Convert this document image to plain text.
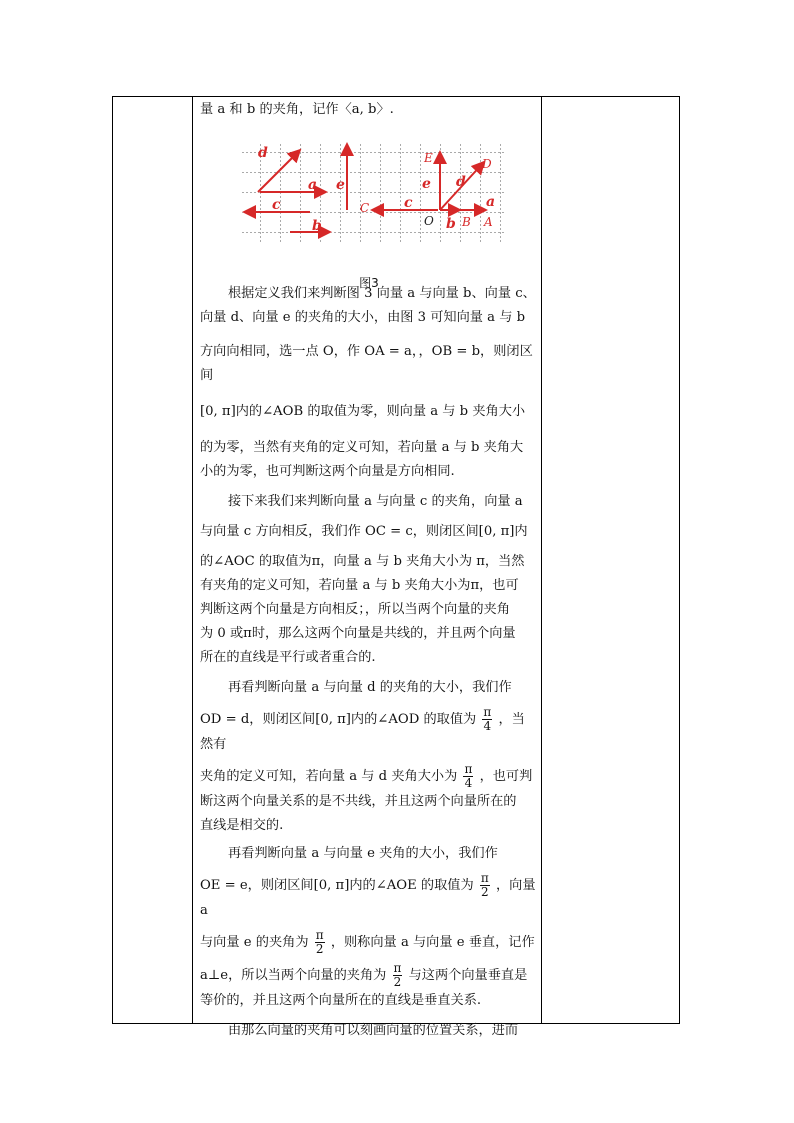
量 a 和 b 的夹角，记作〈a, b〉.

d
a e
c
b
c
e d
b
a
C
E	D
B A
O
图3

根据定义我们来判断图 3 向量 a 与向量 b、向量 c、

向量 d、向量 e 的夹角的大小，由图 3 可知向量 a 与 b

方向向相同，选一点 O，作 OA = a，，OB = b，则闭区间

[0, π]内的∠AOB 的取值为零，则向量 a 与 b 夹角大小

的为零，当然有夹角的定义可知，若向量 a 与 b 夹角大

小的为零，也可判断这两个向量是方向相同.

接下来我们来判断向量 a 与向量 c 的夹角，向量 a

与向量 c 方向相反，我们作 OC = c，则闭区间[0, π]内

的∠AOC 的取值为π，向量 a 与 b 夹角大小为 π，当然

有夹角的定义可知，若向量 a 与 b 夹角大小为π，也可

判断这两个向量是方向相反；，所以当两个向量的夹角

为 0 或π时，那么这两个向量是共线的，并且两个向量

所在的直线是平行或者重合的.

再看判断向量 a 与向量 d 的夹角的大小，我们作

OD = d，则闭区间[0, π]内的∠AOD 的取值为 $\frac{\pi}{4}$ ，当然有

夹角的定义可知，若向量 a 与 d 夹角大小为 $\frac{\pi}{4}$ ，也可判

断这两个向量关系的是不共线，并且这两个向量所在的

直线是相交的.

再看判断向量 a 与向量 e 夹角的大小，我们作

OE = e，则闭区间[0, π]内的∠AOE 的取值为 $\frac{\pi}{2}$ ，向量 a

与向量 e 的夹角为 $\frac{\pi}{2}$ ，则称向量 a 与向量 e 垂直，记作

a⊥e，所以当两个向量的夹角为 $\frac{\pi}{2}$ 与这两个向量垂直是

等价的，并且这两个向量所在的直线是垂直关系.

由那么向量的夹角可以刻画向量的位置关系，进而
